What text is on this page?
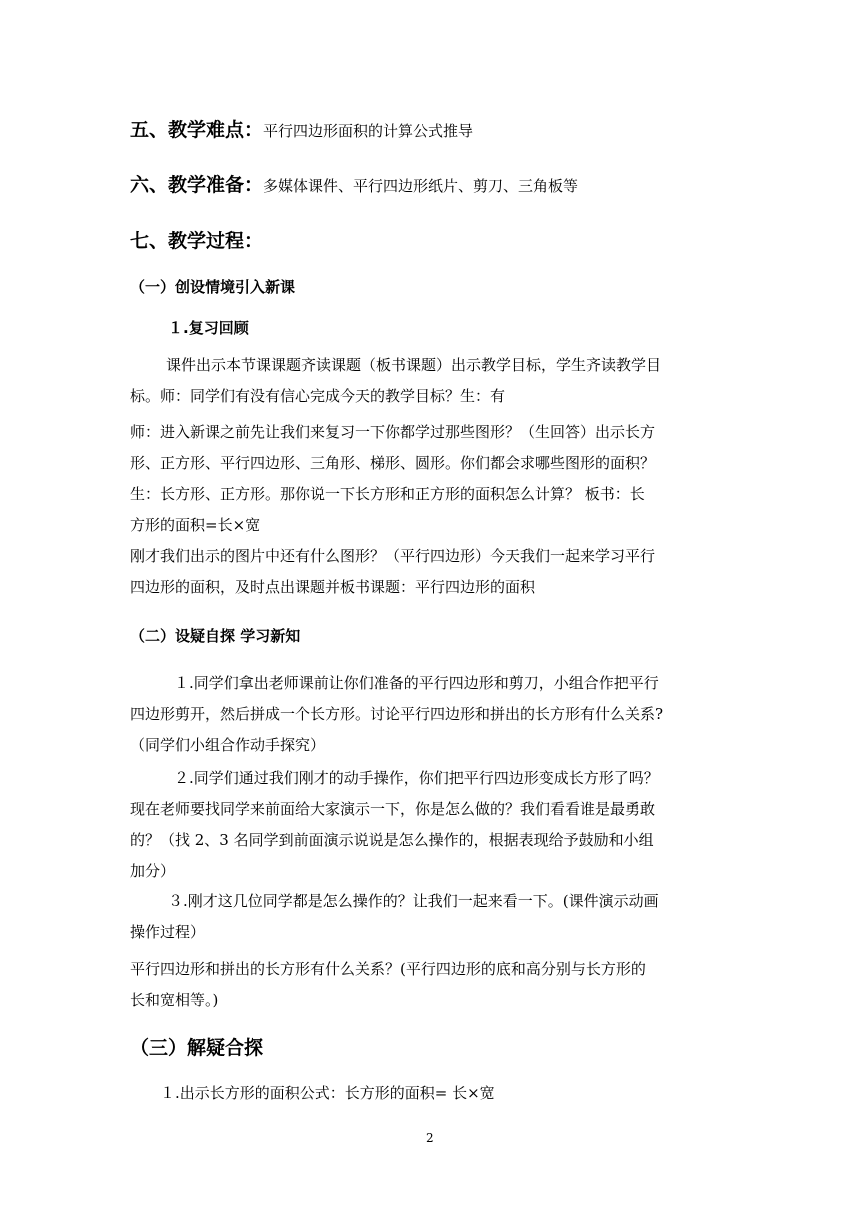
五、教学难点：平行四边形面积的计算公式推导
六、教学准备：多媒体课件、平行四边形纸片、剪刀、三角板等
七、教学过程：
（一）创设情境引入新课
１.复习回顾
课件出示本节课课题齐读课题（板书课题）出示教学目标，学生齐读教学目
标。师：同学们有没有信心完成今天的教学目标？生：有
师：进入新课之前先让我们来复习一下你都学过那些图形？（生回答）出示长方
形、正方形、平行四边形、三角形、梯形、圆形。你们都会求哪些图形的面积？
生：长方形、正方形。那你说一下长方形和正方形的面积怎么计算？ 板书：长
方形的面积=长×宽
刚才我们出示的图片中还有什么图形？（平行四边形）今天我们一起来学习平行
四边形的面积，及时点出课题并板书课题：平行四边形的面积
（二）设疑自探 学习新知
１.同学们拿出老师课前让你们准备的平行四边形和剪刀，小组合作把平行
四边形剪开，然后拼成一个长方形。讨论平行四边形和拼出的长方形有什么关系?
（同学们小组合作动手探究）
２.同学们通过我们刚才的动手操作，你们把平行四边形变成长方形了吗？
现在老师要找同学来前面给大家演示一下，你是怎么做的？我们看看谁是最勇敢
的？（找 2、3 名同学到前面演示说说是怎么操作的，根据表现给予鼓励和小组
加分）
３.刚才这几位同学都是怎么操作的？让我们一起来看一下。(课件演示动画
操作过程）
平行四边形和拼出的长方形有什么关系？(平行四边形的底和高分别与长方形的
长和宽相等。)
（三）解疑合探
１.出示长方形的面积公式：长方形的面积= 长×宽
2
